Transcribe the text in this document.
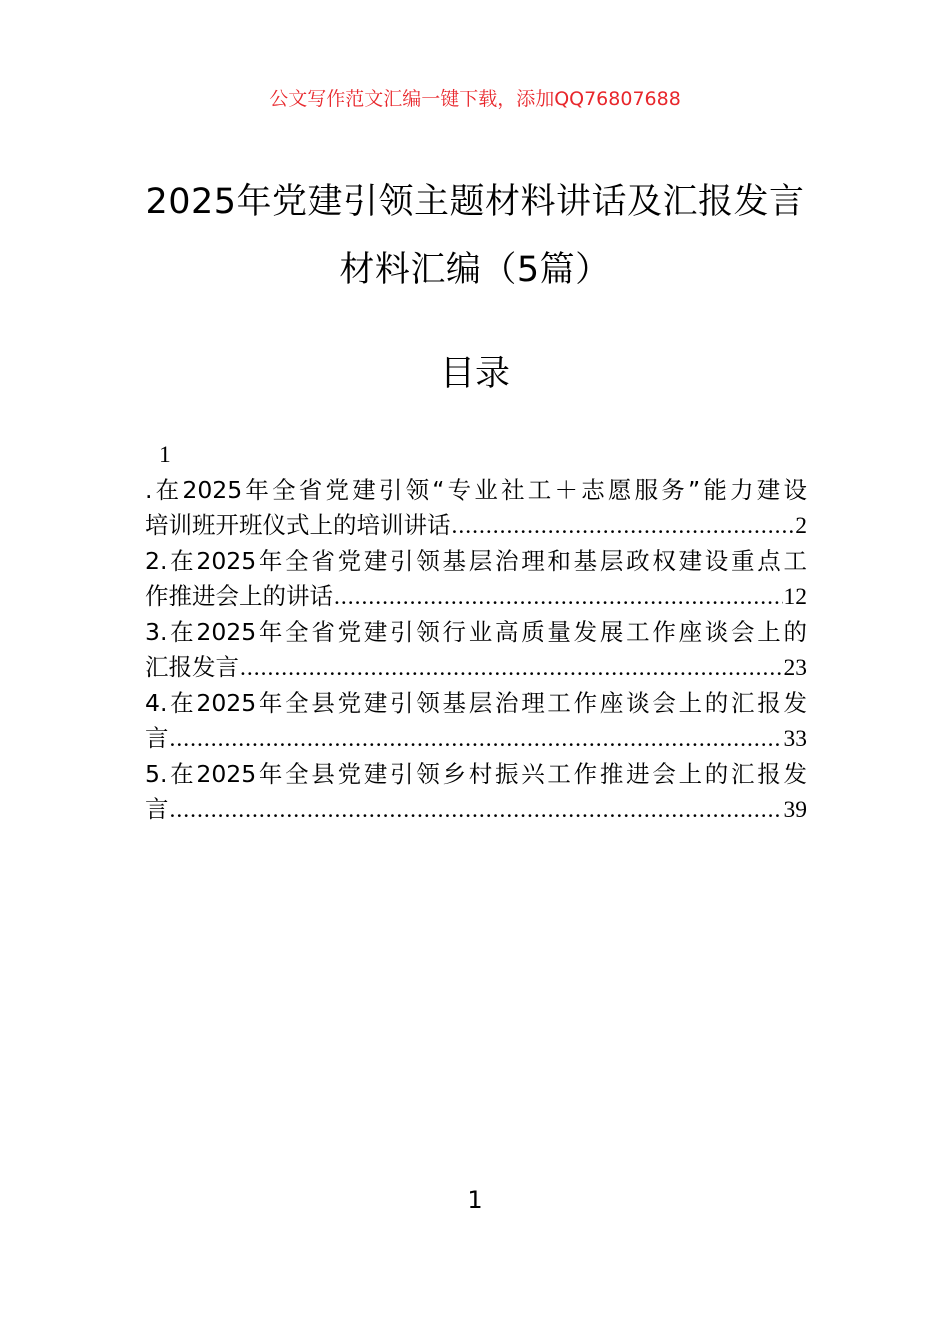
公文写作范文汇编一键下载，添加QQ76807688
2025年党建引领主题材料讲话及汇报发言
材料汇编（5篇）
目录
1
.在2025年全省党建引领“专业社工＋志愿服务”能力建设
培训班开班仪式上的培训讲话 .....	2
2.在2025年全省党建引领基层治理和基层政权建设重点工
作推进会上的讲话 .....	12
3.在2025年全省党建引领行业高质量发展工作座谈会上的
汇报发言 .....	23
4.在2025年全县党建引领基层治理工作座谈会上的汇报发
言 .....	33
5.在2025年全县党建引领乡村振兴工作推进会上的汇报发
言 .....	39
1
